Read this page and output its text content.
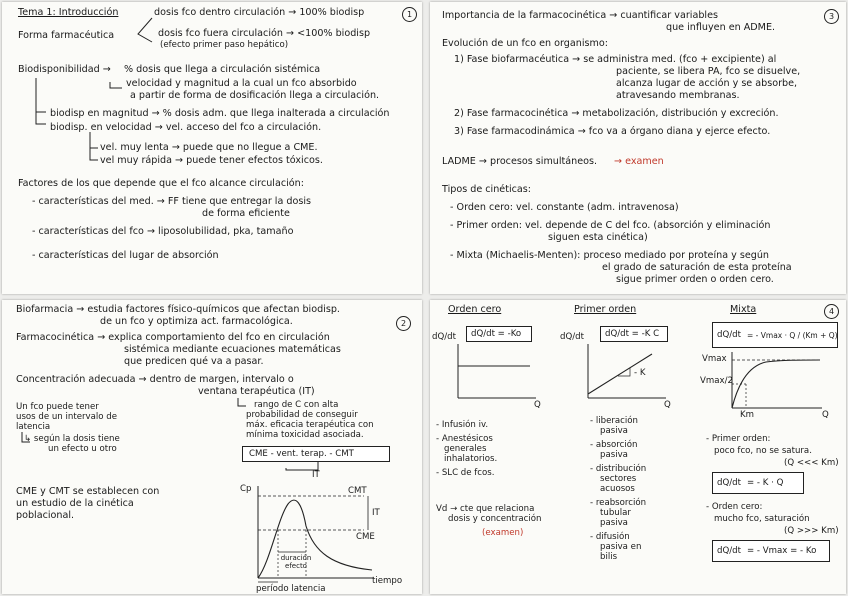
1
Tema 1: Introducción	dosis fco dentro circulación → 100% biodisp
Forma farmacéutica	dosis fco fuera circulación → <100% biodisp
(efecto primer paso hepático)
Biodisponibilidad → % dosis que llega a circulación sistémica
velocidad y magnitud a la cual un fco absorbido
a partir de forma de dosificación llega a circulación.
biodisp en magnitud → % dosis adm. que llega inalterada a circulación
biodisp. en velocidad → vel. acceso del fco a circulación.
vel. muy lenta → puede que no llegue a CME.
vel muy rápida → puede tener efectos tóxicos.
Factores de los que depende que el fco alcance circulación:
- características del med. → FF tiene que entregar la dosis
de forma eficiente
- características del fco → liposolubilidad, pka, tamaño
- características del lugar de absorción
3
Importancia de la farmacocinética → cuantificar variables
que influyen en ADME.
Evolución de un fco en organismo:
1) Fase biofarmacéutica → se administra med. (fco + excipiente) al
paciente, se libera PA, fco se disuelve,
alcanza lugar de acción y se absorbe,
atravesando membranas.
2) Fase farmacocinética → metabolización, distribución y excreción.
3) Fase farmacodinámica → fco va a órgano diana y ejerce efecto.
LADME → procesos simultáneos. → examen
Tipos de cinéticas:
- Orden cero: vel. constante (adm. intravenosa)
- Primer orden: vel. depende de C del fco. (absorción y eliminación
siguen esta cinética)
- Mixta (Michaelis-Menten): proceso mediado por proteína y según
el grado de saturación de esta proteína
sigue primer orden o orden cero.
2
Biofarmacia → estudia factores físico-químicos que afectan biodisp.
de un fco y optimiza act. farmacológica.
Farmacocinética → explica comportamiento del fco en circulación
sistémica mediante ecuaciones matemáticas
que predicen qué va a pasar.
Concentración adecuada → dentro de margen, intervalo o
ventana terapéutica (IT)
Un fco puede tener
usos de un intervalo de
latencia
rango de C con alta
probabilidad de conseguir
máx. eficacia terapéutica con
mínima toxicidad asociada.
CME - vent. terap. - CMT
IT
↳ según la dosis tiene
un efecto u otro
CME y CMT se establecen con
un estudio de la cinética
poblacional.
Cp	CMT
IT
CME
duración efecto
período latencia
tiempo
4
Orden cero
dQ/dt dQ/dt = -Ko
Q
- Infusión iv.
- Anestésicos
generales
inhalatorios.
- SLC de fcos.
Vd → cte que relaciona
dosis y concentración
(examen)
Primer orden
dQ/dt dQ/dt = -K C
- K
Q
- liberación
pasiva
- absorción
pasiva
- distribución
sectores
acuosos
- reabsorción
tubular
pasiva
- difusión
pasiva en
bilis
Mixta
dQ/dt = - Vmax · Q / (Km + Q)
Vmax
Vmax/2
Km	Q
- Primer orden:
poco fco, no se satura.
(Q <<< Km)
dQ/dt = - K · Q
- Orden cero:
mucho fco, saturación
(Q >>> Km)
dQ/dt = - Vmax = - Ko
